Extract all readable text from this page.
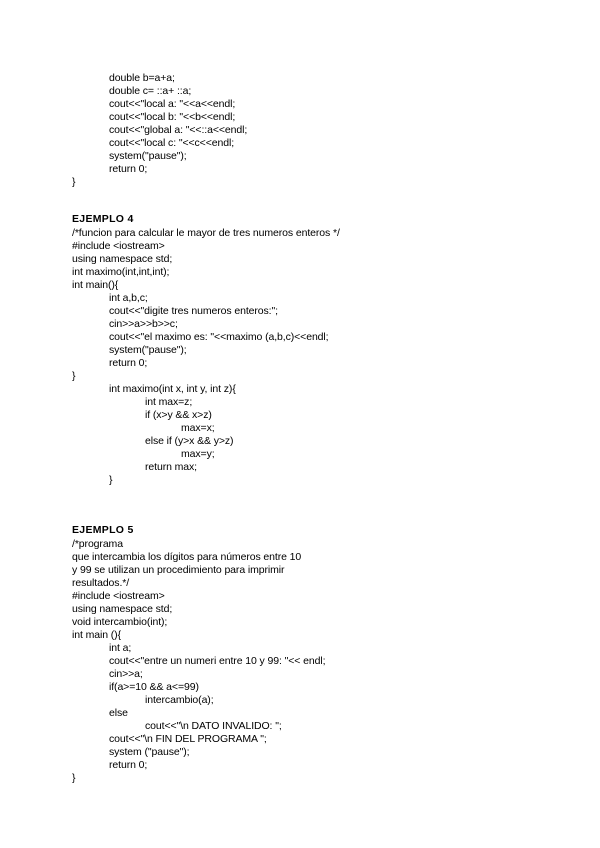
double b=a+a;
double c= ::a+ ::a;
cout<<"local a: "<<a<<endl;
cout<<"local b: "<<b<<endl;
cout<<"global a: "<<::a<<endl;
cout<<"local c: "<<c<<endl;
system("pause");
return 0;
}
EJEMPLO 4
/*funcion para calcular le mayor de tres numeros enteros */
#include <iostream>
using namespace std;
int maximo(int,int,int);
int main(){
int a,b,c;
cout<<"digite tres numeros enteros:";
cin>>a>>b>>c;
cout<<"el maximo es: "<<maximo (a,b,c)<<endl;
system("pause");
return 0;
}
int maximo(int x, int y, int z){
int max=z;
if (x>y && x>z)
max=x;
else if (y>x && y>z)
max=y;
return max;
}
EJEMPLO 5
/*programa
que intercambia los dígitos para números entre 10
y 99 se utilizan un procedimiento para imprimir
resultados.*/
#include <iostream>
using namespace std;
void intercambio(int);
int main (){
int a;
cout<<"entre un numeri entre 10 y 99: "<< endl;
cin>>a;
if(a>=10 && a<=99)
intercambio(a);
else
cout<<"\n DATO INVALIDO: ";
cout<<"\n FIN DEL PROGRAMA ";
system ("pause");
return 0;
}
